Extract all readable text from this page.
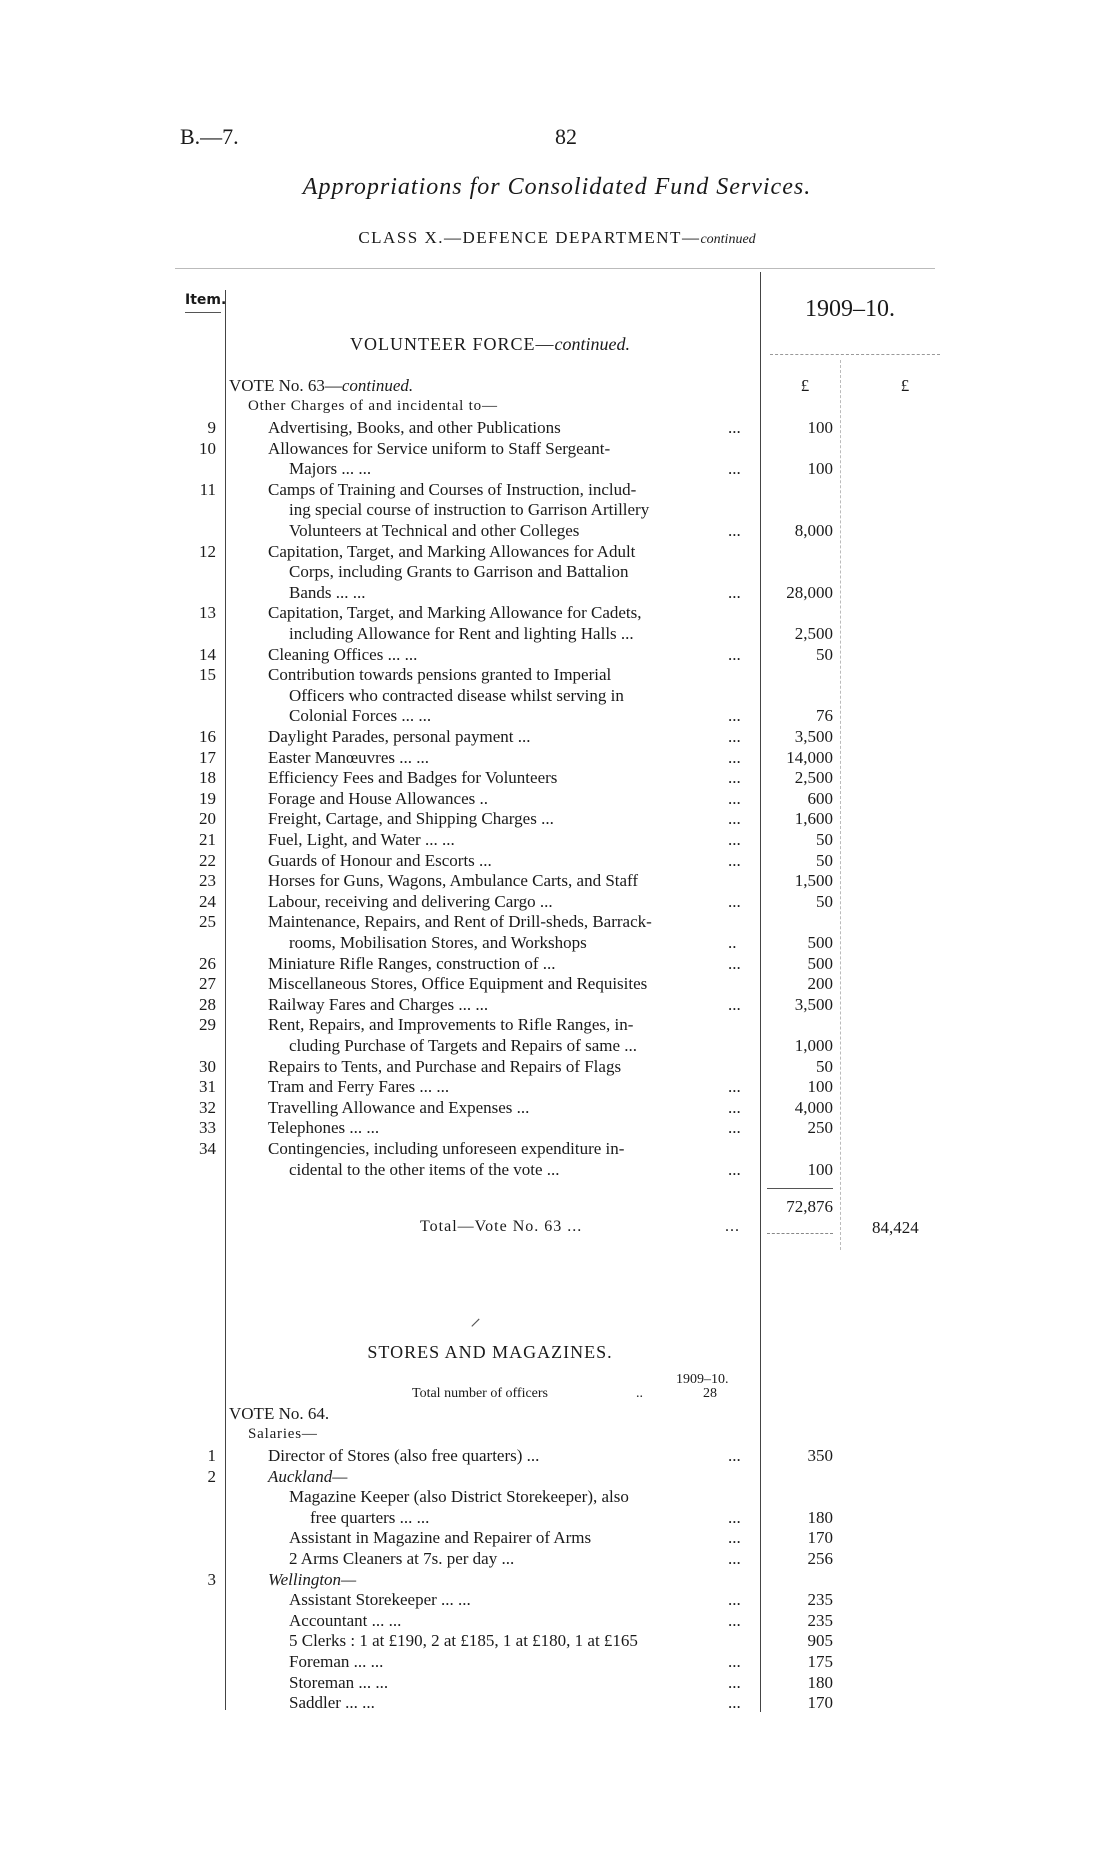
B.—7.	82
Appropriations for Consolidated Fund Services.
CLASS X.—DEFENCE DEPARTMENT—continued
Item.	1909–10.
VOLUNTEER FORCE—continued.
£	£
VOTE No. 63—continued.
Other Charges of and incidental to—
9	Advertising, Books, and other Publications	...	100
10	Allowances for Service uniform to Staff Sergeant-
Majors ... ...	...	100
11	Camps of Training and Courses of Instruction, includ-
ing special course of instruction to Garrison Artillery
Volunteers at Technical and other Colleges	...	8,000
12	Capitation, Target, and Marking Allowances for Adult
Corps, including Grants to Garrison and Battalion
Bands ... ...	...	28,000
13	Capitation, Target, and Marking Allowance for Cadets,
including Allowance for Rent and lighting Halls ...	2,500
14	Cleaning Offices ... ...	...	50
15	Contribution towards pensions granted to Imperial
Officers who contracted disease whilst serving in
Colonial Forces ... ...	...	76
16	Daylight Parades, personal payment ...	...	3,500
17	Easter Manœuvres ... ...	...	14,000
18	Efficiency Fees and Badges for Volunteers	...	2,500
19	Forage and House Allowances ..	...	600
20	Freight, Cartage, and Shipping Charges ...	...	1,600
21	Fuel, Light, and Water ... ...	...	50
22	Guards of Honour and Escorts ...	...	50
23	Horses for Guns, Wagons, Ambulance Carts, and Staff	1,500
24	Labour, receiving and delivering Cargo ...	...	50
25	Maintenance, Repairs, and Rent of Drill-sheds, Barrack-
rooms, Mobilisation Stores, and Workshops	..	500
26	Miniature Rifle Ranges, construction of ...	...	500
27	Miscellaneous Stores, Office Equipment and Requisites	200
28	Railway Fares and Charges ... ...	...	3,500
29	Rent, Repairs, and Improvements to Rifle Ranges, in-
cluding Purchase of Targets and Repairs of same ...	1,000
30	Repairs to Tents, and Purchase and Repairs of Flags	50
31	Tram and Ferry Fares ... ...	...	100
32	Travelling Allowance and Expenses ...	...	4,000
33	Telephones ... ...	...	250
34	Contingencies, including unforeseen expenditure in-
cidental to the other items of the vote ...	...	100
72,876
Total—Vote No. 63 ...	...	84,424
⸝
STORES AND MAGAZINES.
1909–10.
Total number of officers	..	28
VOTE No. 64.
Salaries—
1	Director of Stores (also free quarters) ...	...	350
2	Auckland—
Magazine Keeper (also District Storekeeper), also
free quarters ... ...	...	180
Assistant in Magazine and Repairer of Arms	...	170
2 Arms Cleaners at 7s. per day ...	...	256
3	Wellington—
Assistant Storekeeper ... ...	...	235
Accountant ... ...	...	235
5 Clerks : 1 at £190, 2 at £185, 1 at £180, 1 at £165	905
Foreman ... ...	...	175
Storeman ... ...	...	180
Saddler ... ...	...	170
